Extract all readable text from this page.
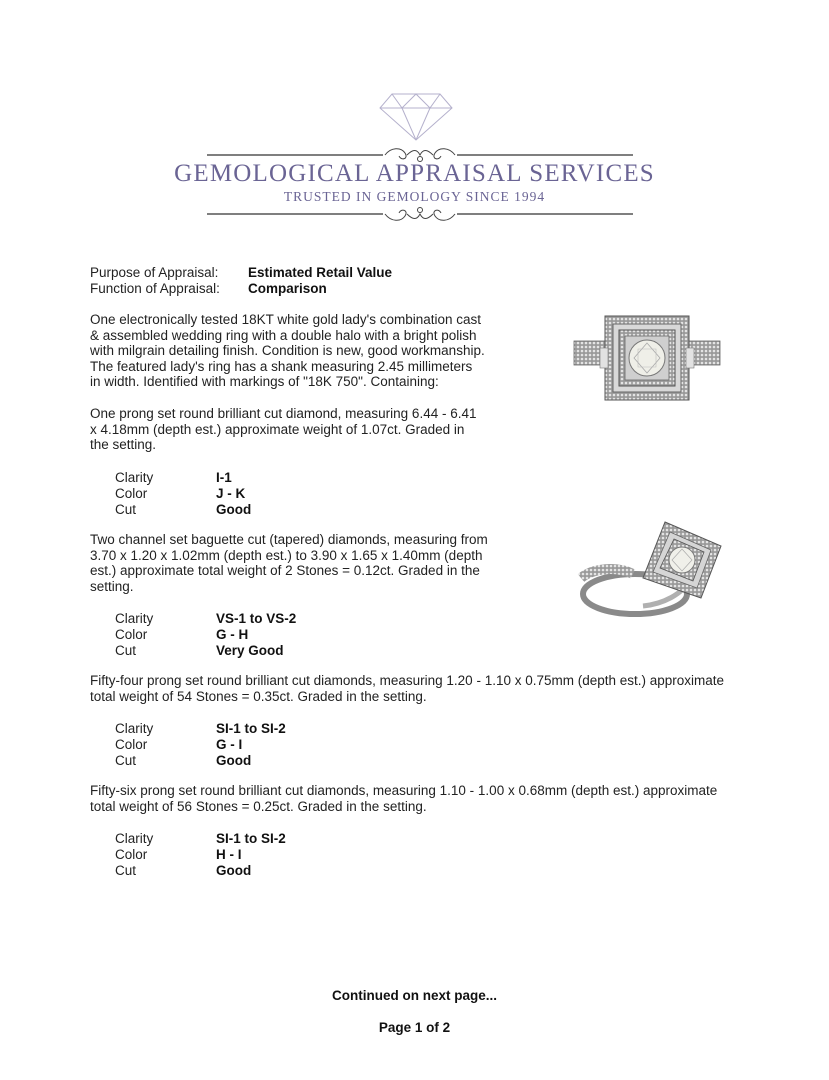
GEMOLOGICAL APPRAISAL SERVICES
TRUSTED IN GEMOLOGY SINCE 1994
Purpose of Appraisal: Estimated Retail Value
Function of Appraisal: Comparison
One electronically tested 18KT white gold lady's combination cast
& assembled wedding ring with a double halo with a bright polish
with milgrain detailing finish. Condition is new, good workmanship.
The featured lady's ring has a shank measuring 2.45 millimeters
in width. Identified with markings of "18K 750". Containing:
One prong set round brilliant cut diamond, measuring 6.44 - 6.41
x 4.18mm (depth est.) approximate weight of 1.07ct. Graded in
the setting.
Clarity	I-1
Color	J - K
Cut	Good
Two channel set baguette cut (tapered) diamonds, measuring from
3.70 x 1.20 x 1.02mm (depth est.) to 3.90 x 1.65 x 1.40mm (depth
est.) approximate total weight of 2 Stones = 0.12ct. Graded in the
setting.
Clarity	VS-1 to VS-2
Color	G - H
Cut	Very Good
Fifty-four prong set round brilliant cut diamonds, measuring 1.20 - 1.10 x 0.75mm (depth est.) approximate
total weight of 54 Stones = 0.35ct. Graded in the setting.
Clarity	SI-1 to SI-2
Color	G - I
Cut	Good
Fifty-six prong set round brilliant cut diamonds, measuring 1.10 - 1.00 x 0.68mm (depth est.) approximate
total weight of 56 Stones = 0.25ct. Graded in the setting.
Clarity	SI-1 to SI-2
Color	H - I
Cut	Good
Continued on next page...
Page 1 of 2
